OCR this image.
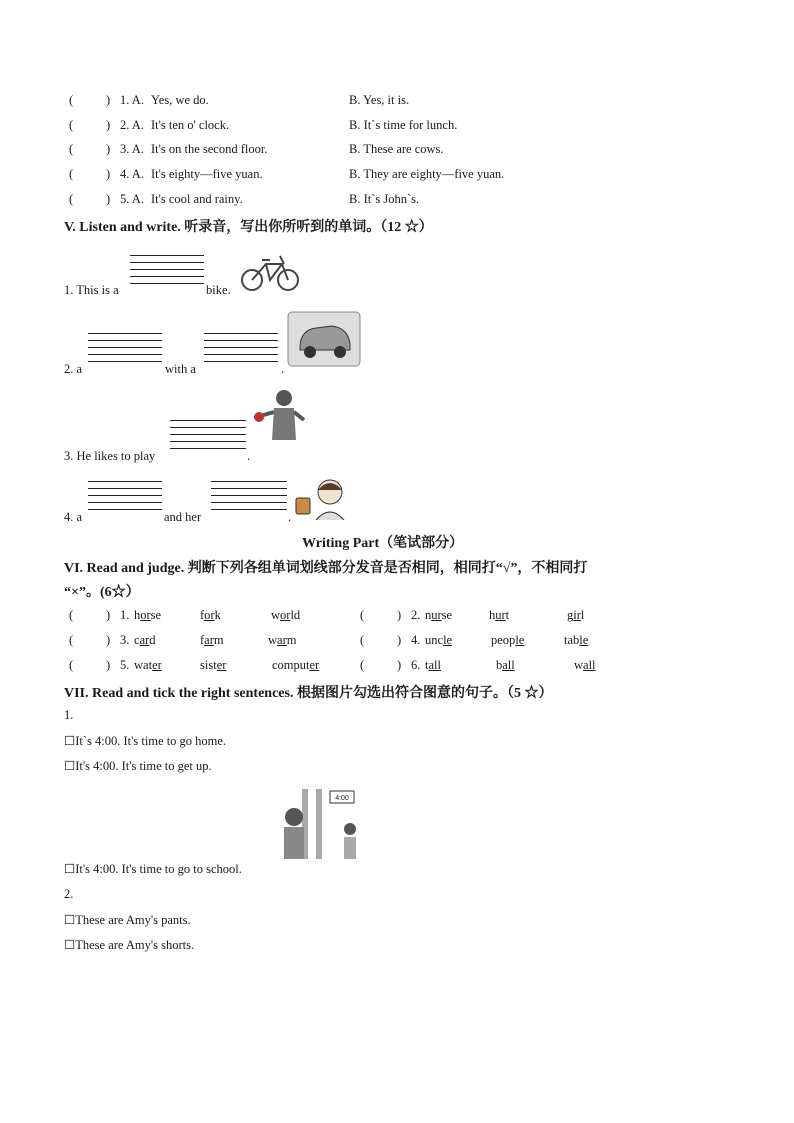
(	) 1. A. Yes, we do.	B. Yes, it is.
(	) 2. A. It's ten o' clock.	B. It`s time for lunch.
(	) 3. A. It's on the second floor.	B. These are cows.
(	) 4. A. It's eighty—five yuan.	B. They are eighty—five yuan.
(	) 5. A. It's cool and rainy.	B. It`s John`s.
V. Listen and write. 听录音，写出你所听到的单词。（12 ☆）
1. This is a	bike.
2. a	with a	.
3. He likes to play	.
4. a	and her	.
Writing Part（笔试部分）
VI. Read and judge. 判断下列各组单词划线部分发音是否相同，相同打“√”，不相同打
“×”。(6☆）
(	) 1. horse	fork	world	(	) 2. nurse	hurt	girl
(	) 3. card	farm	warm	(	) 4. uncle	people	table
(	) 5. water	sister	computer	(	) 6. tall	ball	wall
VII. Read and tick the right sentences. 根据图片勾选出符合图意的句子。（5 ☆）
1.
☐It`s 4:00. It's time to go home.
☐It's 4:00. It's time to get up.
4:00
☐It's 4:00. It's time to go to school.
2.
☐These are Amy's pants.
☐These are Amy's shorts.
